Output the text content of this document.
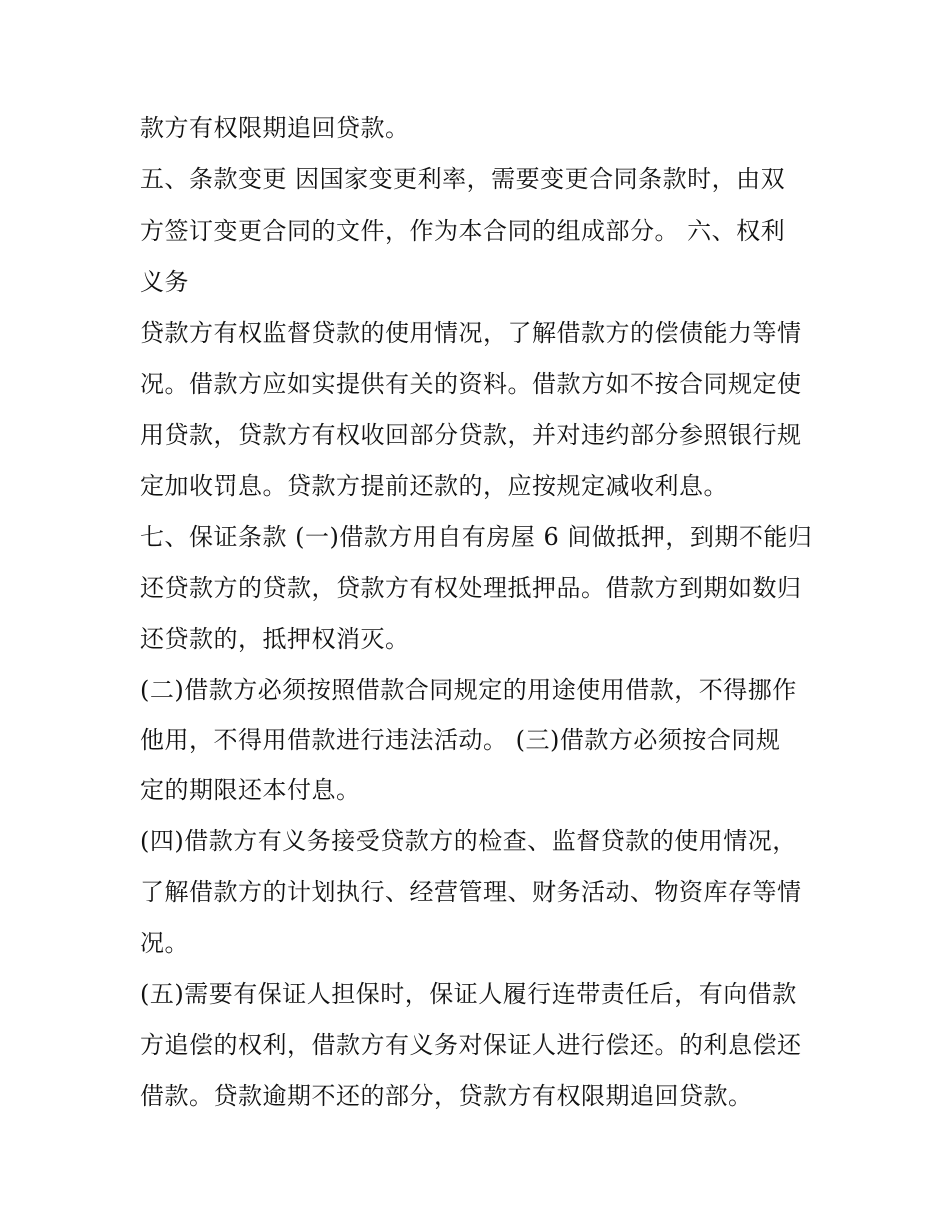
款方有权限期追回贷款。
五、条款变更 因国家变更利率，需要变更合同条款时，由双
方签订变更合同的文件，作为本合同的组成部分。 六、权利
义务
贷款方有权监督贷款的使用情况，了解借款方的偿债能力等情
况。借款方应如实提供有关的资料。借款方如不按合同规定使
用贷款，贷款方有权收回部分贷款，并对违约部分参照银行规
定加收罚息。贷款方提前还款的，应按规定减收利息。
七、保证条款 (一)借款方用自有房屋 6 间做抵押，到期不能归
还贷款方的贷款，贷款方有权处理抵押品。借款方到期如数归
还贷款的，抵押权消灭。
(二)借款方必须按照借款合同规定的用途使用借款，不得挪作
他用，不得用借款进行违法活动。 (三)借款方必须按合同规
定的期限还本付息。
(四)借款方有义务接受贷款方的检查、监督贷款的使用情况，
了解借款方的计划执行、经营管理、财务活动、物资库存等情
况。
(五)需要有保证人担保时，保证人履行连带责任后，有向借款
方追偿的权利，借款方有义务对保证人进行偿还。的利息偿还
借款。贷款逾期不还的部分，贷款方有权限期追回贷款。
